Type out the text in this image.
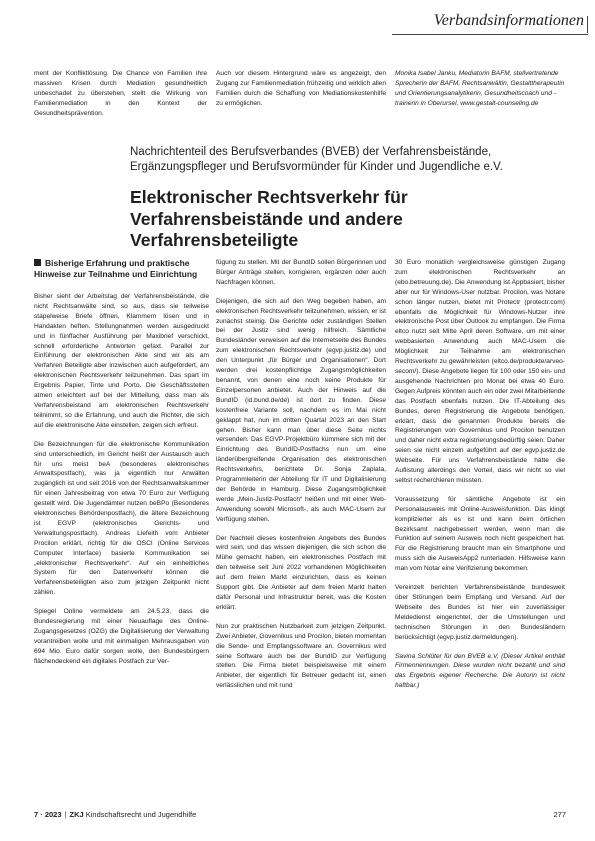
Verbandsinformationen

ment der Konfliktlösung. Die Chance von Familien ihre massiven Krisen durch Mediation gesundheitlich unbeschadet zu überstehen, stellt die Wirkung von Familienmediation in den Kontext der Gesundheitsprävention.

Auch vor diesem Hintergrund wäre es angezeigt, den Zugang zur Familienmediation frühzeitig und wirklich allen Familien durch die Schaffung von Mediationskostenhilfe zu ermöglichen.

Monika Isabel Janku, Mediatorin BAFM, stellvertretende Sprecherin der BAFM, Rechtsanwältin, Gestalttherapeutin und Orientierungsanalytikerin, Gesundheitscoach und -trainerin in Oberursel, www.gestalt-counseling.de

Nachrichtenteil des Berufsverbandes (BVEB) der Verfahrensbeistände, Ergänzungspfleger und Berufsvormünder für Kinder und Jugendliche e.V.

Elektronischer Rechtsverkehr für Verfahrensbeistände und andere Verfahrensbeteiligte
Bisherige Erfahrung und praktische Hinweise zur Teilnahme und Einrichtung

Bisher sieht der Arbeitstag der Verfahrensbeistände, die nicht Rechtsanwälte sind, so aus, dass sie teilweise stapelweise Briefe öffnen, Klammern lösen und in Handakten heften. Stellungnahmen werden ausgedruckt und in fünffacher Ausführung per Maxibrief verschickt, schnell erforderliche Antworten gefaxt. Parallel zur Einführung der elektronischen Akte sind wir als am Verfahren Beteiligte aber inzwischen auch aufgefordert, am elektronischen Rechtsverkehr teilzunehmen. Das spart im Ergebnis Papier, Tinte und Porto. Die Geschäftsstellen atmen erleichtert auf bei der Mitteilung, dass man als Verfahrensbeistand am elektronischen Rechtsverkehr teilnimmt, so die Erfahrung, und auch die Richter, die sich auf die elektronische Akte einstellen, zeigen sich erfreut.

Die Bezeichnungen für die elektronische Kommunikation sind unterschiedlich, im Gericht heißt der Austausch auch für uns meist beA (besonderes elektronisches Anwaltspostfach), was ja eigentlich nur Anwälten zugänglich ist und seit 2016 von der Rechtsanwaltskammer für einen Jahresbeitrag von etwa 70 Euro zur Verfügung gestellt wird. Die Jugendämter nutzen beBPo (Besonderes elektronisches Behördenpostfach), die ältere Bezeichnung ist EGVP (elektronisches Gerichts- und Verwaltungspostfach). Andreas Liefeith vom Anbieter Procilon erklärt, richtig für die OSCI (Online Services Computer Interface) basierte Kommunikation sei „elektronischer Rechtsverkehr“. Auf ein einheitliches System für den Datenverkehr können die Verfahrensbeteiligten also zum jetzigen Zeitpunkt nicht zählen.

Spiegel Online vermeldete am 24.5.23, dass die Bundesregierung mit einer Neuauflage des Online-Zugangsgesetzes (OZG) die Digitalisierung der Verwaltung vorantreiben wolle und mit einmaligen Mehrausgaben von 694 Mio. Euro dafür sorgen wolle, den Bundesbürgern flächendeckend ein digitales Postfach zur Ver-

fügung zu stellen. Mit der BundID sollen Bürgerinnen und Bürger Anträge stellen, korrigieren, ergänzen oder auch Nachfragen können.

Diejenigen, die sich auf den Weg begeben haben, am elektronischen Rechtsverkehr teilzunehmen, wissen, er ist zunächst steinig. Die Gerichte oder zuständigen Stellen bei der Justiz sind wenig hilfreich. Sämtliche Bundesländer verweisen auf die Internetseite des Bundes zum elektronischen Rechtsverkehr (egvp.justiz.de) und den Unterpunkt „für Bürger und Organisationen“. Dort werden drei kostenpflichtige Zugangsmöglichkeiten benannt, von denen eine noch keine Produkte für Einzelpersonen anbietet. Auch der Hinweis auf die BundID (id.bund.de/de) ist dort zu finden. Diese kostenfreie Variante soll, nachdem es im Mai nicht geklappt hat, nun im dritten Quartal 2023 an den Start gehen. Bisher kann man über diese Seite nichts versenden. Das EGVP-Projektbüro kümmere sich mit der Einrichtung des BundID-Postfachs nun um eine länderübergreifende Organisation des elektronischen Rechtsverkehrs, berichtete Dr. Sonja Zaplata, Programmleiterin der Abteilung für IT und Digitalisierung der Behörde in Hamburg. Diese Zugangsmöglichkeit werde „Mein-Justiz-Postfach“ heißen und mit einer Web-Anwendung sowohl Microsoft-, als auch MAC-Usern zur Verfügung stehen.

Der Nachteil dieses kostenfreien Angebots des Bundes wird sein, und das wissen diejenigen, die sich schon die Mühe gemacht haben, ein elektronisches Postfach mit den teilweise seit Juni 2022 vorhandenen Möglichkeiten auf dem freien Markt einzurichten, dass es keinen Support gibt. Die Anbieter auf dem freien Markt halten dafür Personal und Infrastruktur bereit, was die Kosten erklärt.

Nun zur praktischen Nutzbarkeit zum jetzigen Zeitpunkt. Zwei Anbieter, Governikus und Procilon, bieten momentan die Sende- und Empfangssoftware an. Governikus wird seine Software auch bei der BundID zur Verfügung stellen. Die Firma bietet beispielsweise mit einem Anbieter, der eigentlich für Betreuer gedacht ist, einen verlässlichen und mit rund

30 Euro monatlich vergleichsweise günstigen Zugang zum elektronischen Rechtsverkehr an (ebo.betreuung.de). Die Anwendung ist Appbasiert, bisher aber nur für Windows-User nutzbar. Procilon, was Notare schon länger nutzen, bietet mit Protectr (protectr.com) ebenfalls die Möglichkeit für Windows-Nutzer ihre elektronische Post über Outlook zu empfangen. Die Firma eltco nutzt seit Mitte April deren Software, um mit einer webbasierten Anwendung auch MAC-Usern die Möglichkeit zur Teilnahme am elektronischen Rechtsverkehr zu gewährleisten (eltco.de/produkte/arveo-secom/). Diese Angebote liegen für 100 oder 150 ein- und ausgehende Nachrichten pro Monat bei etwa 40 Euro. Gegen Aufpreis könnten auch ein oder zwei Mitarbeitende das Postfach ebenfalls nutzen. Die IT-Abteilung des Bundes, deren Registrierung die Angebote benötigen, erklärt, dass die genannten Produkte bereits die Registrierungen von Governikus und Procilon benutzen und daher nicht extra registrierungsbedürftig seien. Daher seien sie nicht einzeln aufgeführt auf der egvp.justiz.de Webseite. Für uns Verfahrensbeistände hätte die Auflistung allerdings den Vorteil, dass wir nicht so viel selbst recherchieren müssten.

Voraussetzung für sämtliche Angebote ist ein Personalausweis mit Online-Ausweisfunktion. Das klingt komplizierter als es ist und kann beim örtlichen Bezirksamt nachgebessert werden, wenn man die Funktion auf seinem Ausweis noch nicht gespeichert hat. Für die Registrierung braucht man ein Smartphone und muss sich die AusweisApp2 runterladen. Hilfsweise kann man vom Notar eine Verifizierung bekommen.

Vereinzelt berichten Verfahrensbeistände bundesweit über Störungen beim Empfang und Versand. Auf der Webseite des Bundes ist hier ein zuverlässiger Meldedienst eingerichtet, der die Umstellungen und technischen Störungen in den Bundesländern berücksichtigt (egvp.justiz.de/meldungen).

Savina Schlüter für den BVEB e.V. (Dieser Artikel enthält Firmennennungen. Diese wurden nicht bezahlt und sind das Ergebnis eigener Recherche. Die Autorin ist nicht haftbar.)

7 · 2023 | ZKJ Kindschaftsrecht und Jugendhilfe	277
